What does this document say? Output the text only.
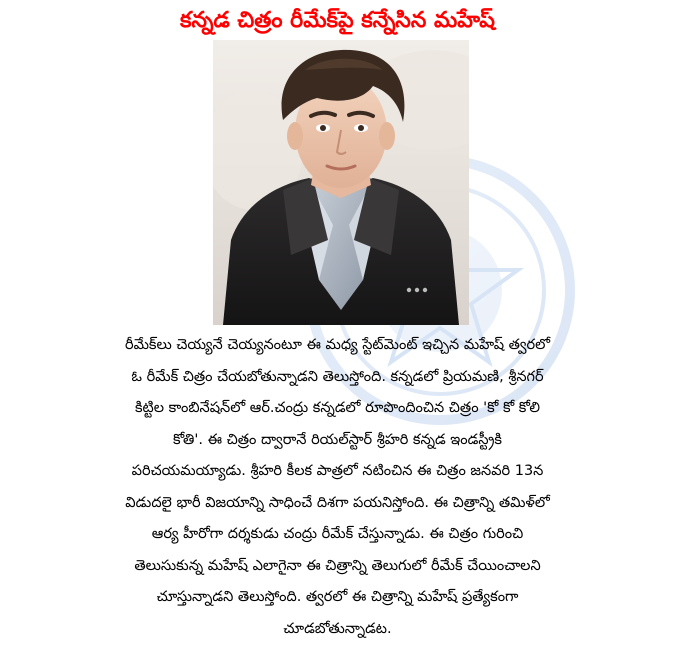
కన్నడ చిత్రం రీమేక్‌పై కన్నేసిన మహేష్
రీమేక్‌లు చెయ్యనే చెయ్యనంటూ ఈ మధ్య స్టేట్‌మెంట్ ఇచ్చిన మహేష్ త్వరలో
ఓ రీమేక్ చిత్రం చేయబోతున్నాడని తెలుస్తోంది. కన్నడలో ప్రియమణి, శ్రీనగర్
కిట్టిల కాంబినేషన్‌లో ఆర్.చంద్రు కన్నడలో రూపొందించిన చిత్రం 'కో కో కోలి
కోతి'. ఈ చిత్రం ద్వారానే రియల్‌స్టార్ శ్రీహరి కన్నడ ఇండస్ట్రీకి
పరిచయమయ్యాడు. శ్రీహరి కీలక పాత్రలో నటించిన ఈ చిత్రం జనవరి 13న
విడుదలై భారీ విజయాన్ని సాధించే దిశగా పయనిస్తోంది. ఈ చిత్రాన్ని తమిళ్‌లో
ఆర్య హీరోగా దర్శకుడు చంద్రు రీమేక్ చేస్తున్నాడు. ఈ చిత్రం గురించి
తెలుసుకున్న మహేష్ ఎలాగైనా ఈ చిత్రాన్ని తెలుగులో రీమేక్ చేయించాలని
చూస్తున్నాడని తెలుస్తోంది. త్వరలో ఈ చిత్రాన్ని మహేష్ ప్రత్యేకంగా
చూడబోతున్నాడట.
